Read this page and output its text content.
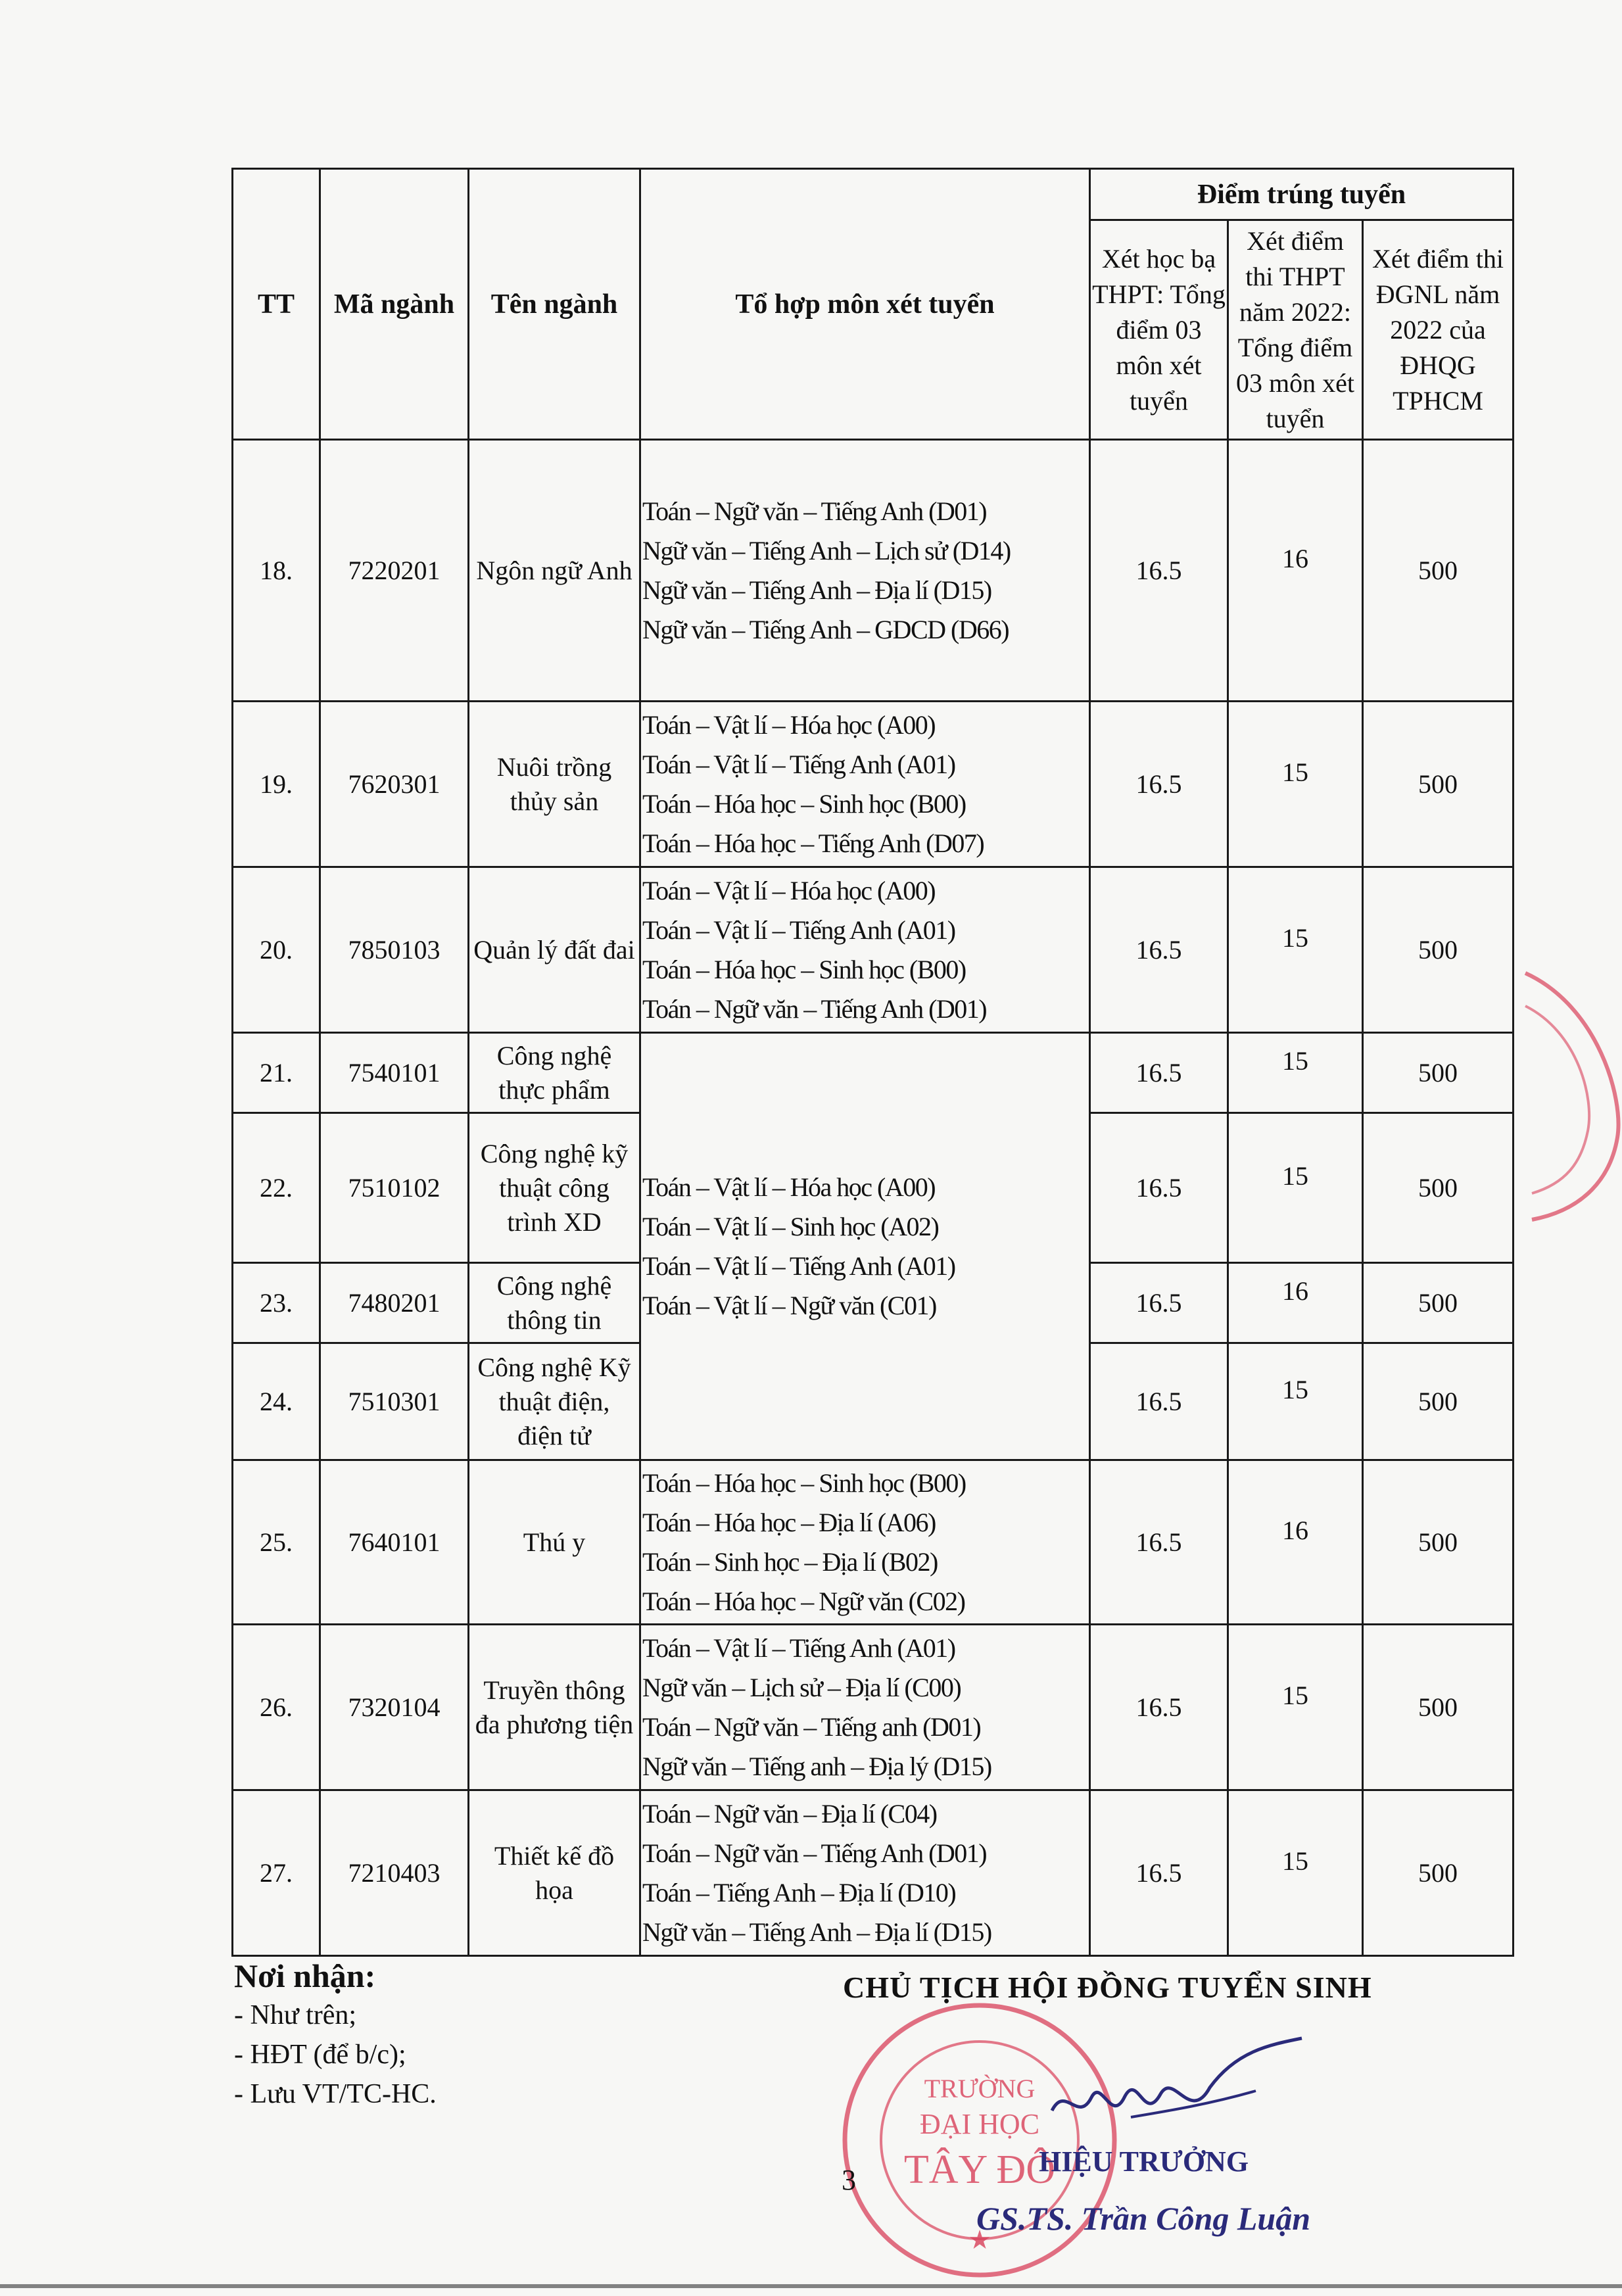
TT	Mã ngành	Tên ngành	Tổ hợp môn xét tuyển	Điểm trúng tuyển		
				Xét học bạ THPT: Tổng điểm 03 môn xét tuyển	Xét điểm thi THPT năm 2022: Tổng điểm 03 môn xét tuyển	Xét điểm thi ĐGNL năm 2022 của ĐHQG TPHCM
18.	7220201	Ngôn ngữ Anh	Toán – Ngữ văn – Tiếng Anh (D01)
Ngữ văn – Tiếng Anh – Lịch sử (D14)
Ngữ văn – Tiếng Anh – Địa lí (D15)
Ngữ văn – Tiếng Anh – GDCD (D66)	16.5	16	500
19.	7620301	Nuôi trồng thủy sản	Toán – Vật lí – Hóa học (A00)
Toán – Vật lí – Tiếng Anh (A01)
Toán – Hóa học – Sinh học (B00)
Toán – Hóa học – Tiếng Anh (D07)	16.5	15	500
20.	7850103	Quản lý đất đai	Toán – Vật lí – Hóa học (A00)
Toán – Vật lí – Tiếng Anh (A01)
Toán – Hóa học – Sinh học (B00)
Toán – Ngữ văn – Tiếng Anh (D01)	16.5	15	500
21.	7540101	Công nghệ thực phẩm	Toán – Vật lí – Hóa học (A00)
Toán – Vật lí – Sinh học (A02)
Toán – Vật lí – Tiếng Anh (A01)
Toán – Vật lí – Ngữ văn (C01)	16.5	15	500
22.	7510102	Công nghệ kỹ thuật công trình XD		16.5	15	500
23.	7480201	Công nghệ thông tin		16.5	16	500
24.	7510301	Công nghệ Kỹ thuật điện, điện tử		16.5	15	500
25.	7640101	Thú y	Toán – Hóa học – Sinh học (B00)
Toán – Hóa học – Địa lí (A06)
Toán – Sinh học – Địa lí (B02)
Toán – Hóa học – Ngữ văn (C02)	16.5	16	500
26.	7320104	Truyền thông đa phương tiện	Toán – Vật lí – Tiếng Anh (A01)
Ngữ văn – Lịch sử – Địa lí (C00)
Toán – Ngữ văn – Tiếng anh (D01)
Ngữ văn – Tiếng anh – Địa lý (D15)	16.5	15	500
27.	7210403	Thiết kế đồ họa	Toán – Ngữ văn – Địa lí (C04)
Toán – Ngữ văn – Tiếng Anh (D01)
Toán – Tiếng Anh – Địa lí (D10)
Ngữ văn – Tiếng Anh – Địa lí (D15)	16.5	15	500
Nơi nhận:
- Như trên;
- HĐT (để b/c);
- Lưu VT/TC-HC.
CHỦ TỊCH HỘI ĐỒNG TUYỂN SINH
TRƯỜNG
ĐẠI HỌC
TÂY ĐÔ
★
3
HIỆU TRƯỞNG
GS.TS. Trần Công Luận
